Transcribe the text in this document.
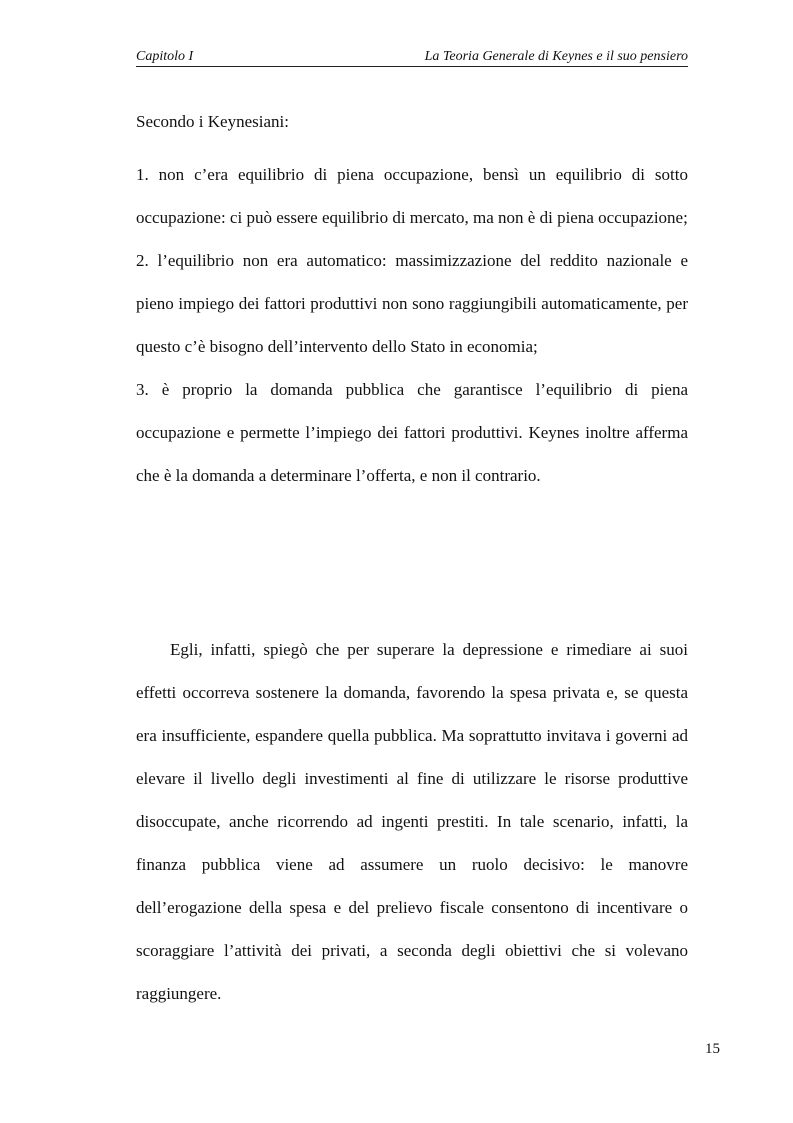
Capitolo I	La Teoria Generale di Keynes e il suo pensiero

Secondo i Keynesiani:

1. non c’era equilibrio di piena occupazione, bensì un equilibrio di sotto occupazione: ci può essere equilibrio di mercato, ma non è di piena occupazione;

2. l’equilibrio non era automatico: massimizzazione del reddito nazionale e pieno impiego dei fattori produttivi non sono raggiungibili automaticamente, per questo c’è bisogno dell’intervento dello Stato in economia;

3. è proprio la domanda pubblica che garantisce l’equilibrio di piena occupazione e permette l’impiego dei fattori produttivi. Keynes inoltre afferma che è la domanda a determinare l’offerta, e non il contrario.

Egli, infatti, spiegò che per superare la depressione e rimediare ai suoi effetti occorreva sostenere la domanda, favorendo la spesa privata e, se questa era insufficiente, espandere quella pubblica. Ma soprattutto invitava i governi ad elevare il livello degli investimenti al fine di utilizzare le risorse produttive disoccupate, anche ricorrendo ad ingenti prestiti. In tale scenario, infatti, la finanza pubblica viene ad assumere un ruolo decisivo: le manovre dell’erogazione della spesa e del prelievo fiscale consentono di incentivare o scoraggiare l’attività dei privati, a seconda degli obiettivi che si volevano raggiungere.

15
